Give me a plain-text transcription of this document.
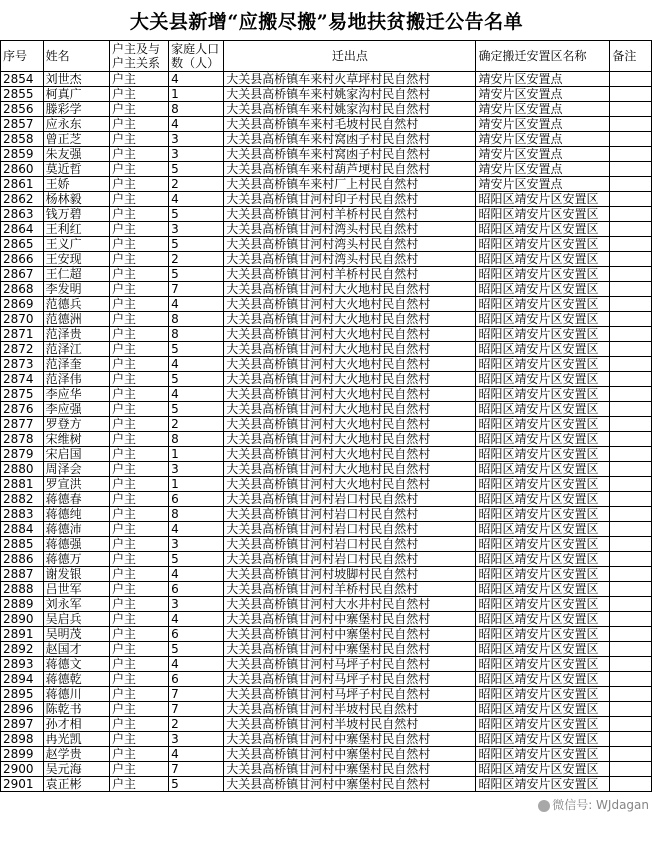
大关县新增“应搬尽搬”易地扶贫搬迁公告名单
序号	姓名	户主及与户主关系	家庭人口数（人）	迁出点	确定搬迁安置区名称	备注
2854	刘世杰	户主	4	大关县高桥镇车来村火草坪村民自然村	靖安片区安置点	
2855	柯真广	户主	1	大关县高桥镇车来村姚家沟村民自然村	靖安片区安置点	
2856	滕彩学	户主	8	大关县高桥镇车来村姚家沟村民自然村	靖安片区安置点	
2857	应永东	户主	4	大关县高桥镇车来村毛坡村民自然村	靖安片区安置点	
2858	曾正芝	户主	3	大关县高桥镇车来村窝凼子村民自然村	靖安片区安置点	
2859	朱友强	户主	3	大关县高桥镇车来村窝凼子村民自然村	靖安片区安置点	
2860	莫近哲	户主	5	大关县高桥镇车来村葫芦埂村民自然村	靖安片区安置点	
2861	王娇	户主	2	大关县高桥镇车来村厂上村民自然村	靖安片区安置点	
2862	杨林毅	户主	4	大关县高桥镇甘河村印子村民自然村	昭阳区靖安片区安置区	
2863	钱万碧	户主	5	大关县高桥镇甘河村羊桥村民自然村	昭阳区靖安片区安置区	
2864	王利红	户主	3	大关县高桥镇甘河村湾头村民自然村	昭阳区靖安片区安置区	
2865	王义广	户主	5	大关县高桥镇甘河村湾头村民自然村	昭阳区靖安片区安置区	
2866	王安现	户主	2	大关县高桥镇甘河村湾头村民自然村	昭阳区靖安片区安置区	
2867	王仁超	户主	5	大关县高桥镇甘河村羊桥村民自然村	昭阳区靖安片区安置区	
2868	李发明	户主	7	大关县高桥镇甘河村大火地村民自然村	昭阳区靖安片区安置区	
2869	范德兵	户主	4	大关县高桥镇甘河村大火地村民自然村	昭阳区靖安片区安置区	
2870	范德洲	户主	8	大关县高桥镇甘河村大火地村民自然村	昭阳区靖安片区安置区	
2871	范泽贵	户主	8	大关县高桥镇甘河村大火地村民自然村	昭阳区靖安片区安置区	
2872	范泽江	户主	5	大关县高桥镇甘河村大火地村民自然村	昭阳区靖安片区安置区	
2873	范泽奎	户主	4	大关县高桥镇甘河村大火地村民自然村	昭阳区靖安片区安置区	
2874	范泽伟	户主	5	大关县高桥镇甘河村大火地村民自然村	昭阳区靖安片区安置区	
2875	李应华	户主	4	大关县高桥镇甘河村大火地村民自然村	昭阳区靖安片区安置区	
2876	李应强	户主	5	大关县高桥镇甘河村大火地村民自然村	昭阳区靖安片区安置区	
2877	罗登方	户主	2	大关县高桥镇甘河村大火地村民自然村	昭阳区靖安片区安置区	
2878	宋维树	户主	8	大关县高桥镇甘河村大火地村民自然村	昭阳区靖安片区安置区	
2879	宋启国	户主	1	大关县高桥镇甘河村大火地村民自然村	昭阳区靖安片区安置区	
2880	周泽会	户主	3	大关县高桥镇甘河村大火地村民自然村	昭阳区靖安片区安置区	
2881	罗宣洪	户主	1	大关县高桥镇甘河村大火地村民自然村	昭阳区靖安片区安置区	
2882	蒋德春	户主	6	大关县高桥镇甘河村岩口村民自然村	昭阳区靖安片区安置区	
2883	蒋德纯	户主	8	大关县高桥镇甘河村岩口村民自然村	昭阳区靖安片区安置区	
2884	蒋德沛	户主	4	大关县高桥镇甘河村岩口村民自然村	昭阳区靖安片区安置区	
2885	蒋德强	户主	3	大关县高桥镇甘河村岩口村民自然村	昭阳区靖安片区安置区	
2886	蒋德万	户主	5	大关县高桥镇甘河村岩口村民自然村	昭阳区靖安片区安置区	
2887	谢发银	户主	4	大关县高桥镇甘河村坡脚村民自然村	昭阳区靖安片区安置区	
2888	吕世军	户主	6	大关县高桥镇甘河村羊桥村民自然村	昭阳区靖安片区安置区	
2889	刘永军	户主	3	大关县高桥镇甘河村大水井村民自然村	昭阳区靖安片区安置区	
2890	吴启兵	户主	4	大关县高桥镇甘河村中寨堡村民自然村	昭阳区靖安片区安置区	
2891	吴明茂	户主	6	大关县高桥镇甘河村中寨堡村民自然村	昭阳区靖安片区安置区	
2892	赵国才	户主	5	大关县高桥镇甘河村中寨堡村民自然村	昭阳区靖安片区安置区	
2893	蒋德文	户主	4	大关县高桥镇甘河村马坪子村民自然村	昭阳区靖安片区安置区	
2894	蒋德乾	户主	6	大关县高桥镇甘河村马坪子村民自然村	昭阳区靖安片区安置区	
2895	蒋德川	户主	7	大关县高桥镇甘河村马坪子村民自然村	昭阳区靖安片区安置区	
2896	陈乾书	户主	7	大关县高桥镇甘河村半坡村民自然村	昭阳区靖安片区安置区	
2897	孙才相	户主	2	大关县高桥镇甘河村半坡村民自然村	昭阳区靖安片区安置区	
2898	冉光凯	户主	3	大关县高桥镇甘河村中寨堡村民自然村	昭阳区靖安片区安置区	
2899	赵学贵	户主	4	大关县高桥镇甘河村中寨堡村民自然村	昭阳区靖安片区安置区	
2900	吴元海	户主	7	大关县高桥镇甘河村中寨堡村民自然村	昭阳区靖安片区安置区	
2901	袁正彬	户主	5	大关县高桥镇甘河村中寨堡村民自然村	昭阳区靖安片区安置区	
微信号: WJdagan
